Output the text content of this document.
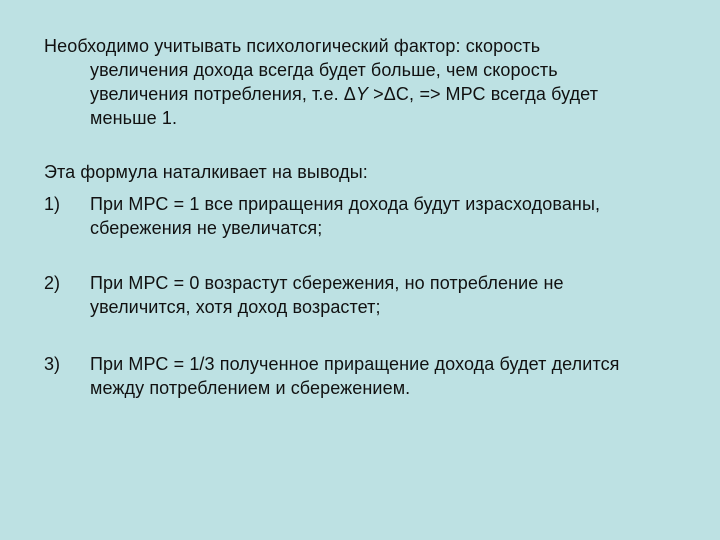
Необходимо учитывать психологический фактор: скорость
увеличения дохода всегда будет больше, чем скорость
увеличения потребления, т.е. ΔY >ΔС, => МРС всегда будет
меньше 1.
Эта формула наталкивает на выводы:
1) При МРС = 1 все приращения дохода будут израсходованы,
сбережения не увеличатся;
2) При МРС = 0 возрастут сбережения, но потребление не
увеличится, хотя доход возрастет;
3) При МРС = 1/3 полученное приращение дохода будет делится
между потреблением и сбережением.
